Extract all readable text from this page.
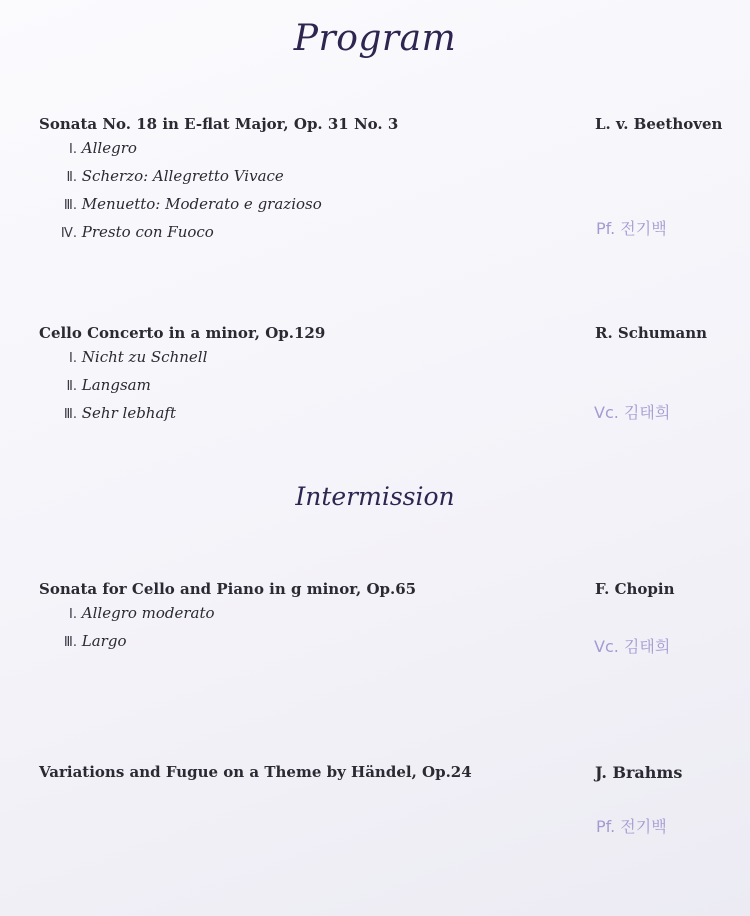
Program
Sonata No. 18 in E-flat Major, Op. 31 No. 3	L. v. Beethoven
Ⅰ. Allegro
Ⅱ. Scherzo: Allegretto Vivace
Ⅲ. Menuetto: Moderato e grazioso
Ⅳ. Presto con Fuoco	Pf. 전기백
Cello Concerto in a minor, Op.129	R. Schumann
Ⅰ. Nicht zu Schnell
Ⅱ. Langsam
Ⅲ. Sehr lebhaft	Vc. 김태희
Intermission
Sonata for Cello and Piano in g minor, Op.65	F. Chopin
Ⅰ. Allegro moderato
Ⅲ. Largo	Vc. 김태희
Variations and Fugue on a Theme by Händel, Op.24	J. Brahms
Pf. 전기백
